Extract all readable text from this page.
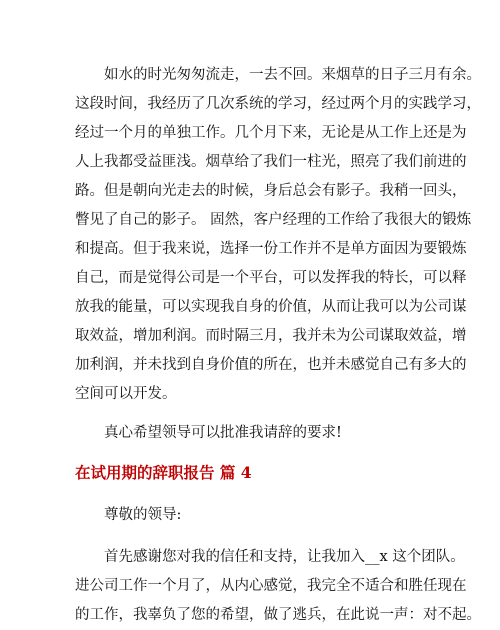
如水的时光匆匆流走，一去不回。来烟草的日子三月有余。
这段时间，我经历了几次系统的学习，经过两个月的实践学习，
经过一个月的单独工作。几个月下来，无论是从工作上还是为
人上我都受益匪浅。烟草给了我们一柱光，照亮了我们前进的
路。但是朝向光走去的时候，身后总会有影子。我稍一回头，
瞥见了自己的影子。 固然，客户经理的工作给了我很大的锻炼
和提高。但于我来说，选择一份工作并不是单方面因为要锻炼
自己，而是觉得公司是一个平台，可以发挥我的特长，可以释
放我的能量，可以实现我自身的价值，从而让我可以为公司谋
取效益，增加利润。而时隔三月，我并未为公司谋取效益，增
加利润，并未找到自身价值的所在，也并未感觉自己有多大的
空间可以开发。
真心希望领导可以批准我请辞的要求!
在试用期的辞职报告 篇 4
尊敬的领导:
首先感谢您对我的信任和支持，让我加入__x 这个团队。
进公司工作一个月了，从内心感觉，我完全不适合和胜任现在
的工作，我辜负了您的希望，做了逃兵，在此说一声：对不起。
